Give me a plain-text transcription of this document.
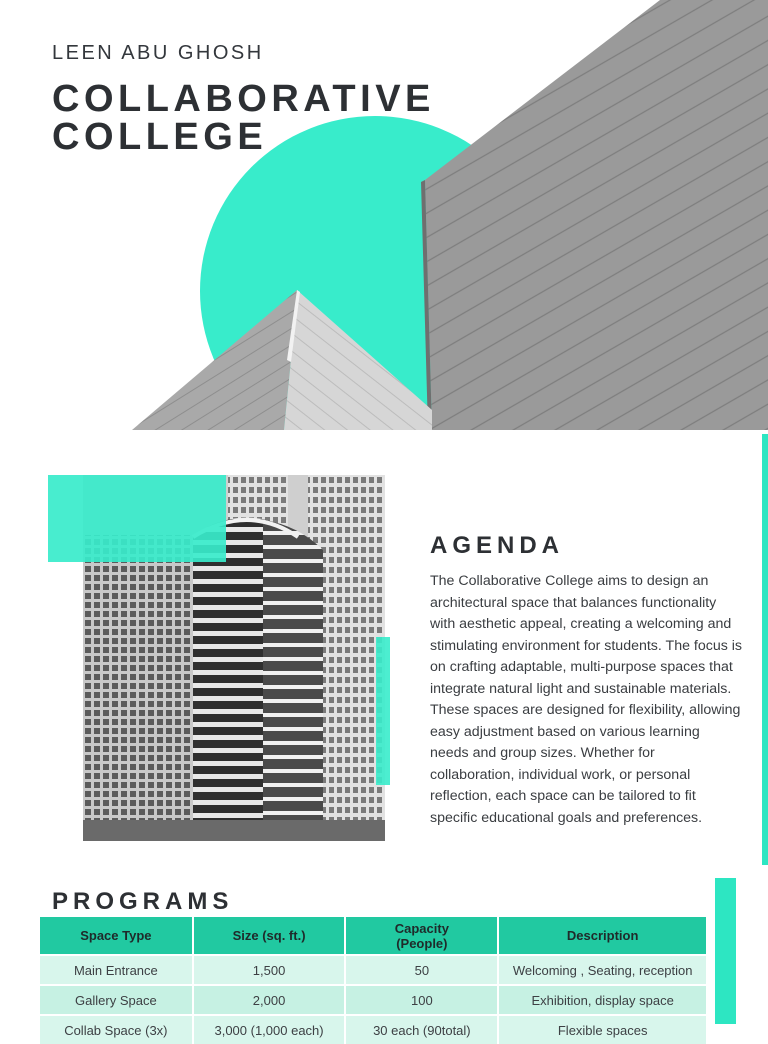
LEEN ABU GHOSH
COLLABORATIVE
COLLEGE
AGENDA
The Collaborative College aims to design an architectural space that balances functionality with aesthetic appeal, creating a welcoming and stimulating environment for students. The focus is on crafting adaptable, multi-purpose spaces that integrate natural light and sustainable materials. These spaces are designed for flexibility, allowing easy adjustment based on various learning needs and group sizes. Whether for collaboration, individual work, or personal reflection, each space can be tailored to fit specific educational goals and preferences.
PROGRAMS
Space Type	Size (sq. ft.)	Capacity (People)	Description
Main Entrance	1,500	50	Welcoming , Seating, reception
Gallery Space	2,000	100	Exhibition, display space
Collab Space (3x)	3,000 (1,000 each)	30 each (90total)	Flexible spaces
